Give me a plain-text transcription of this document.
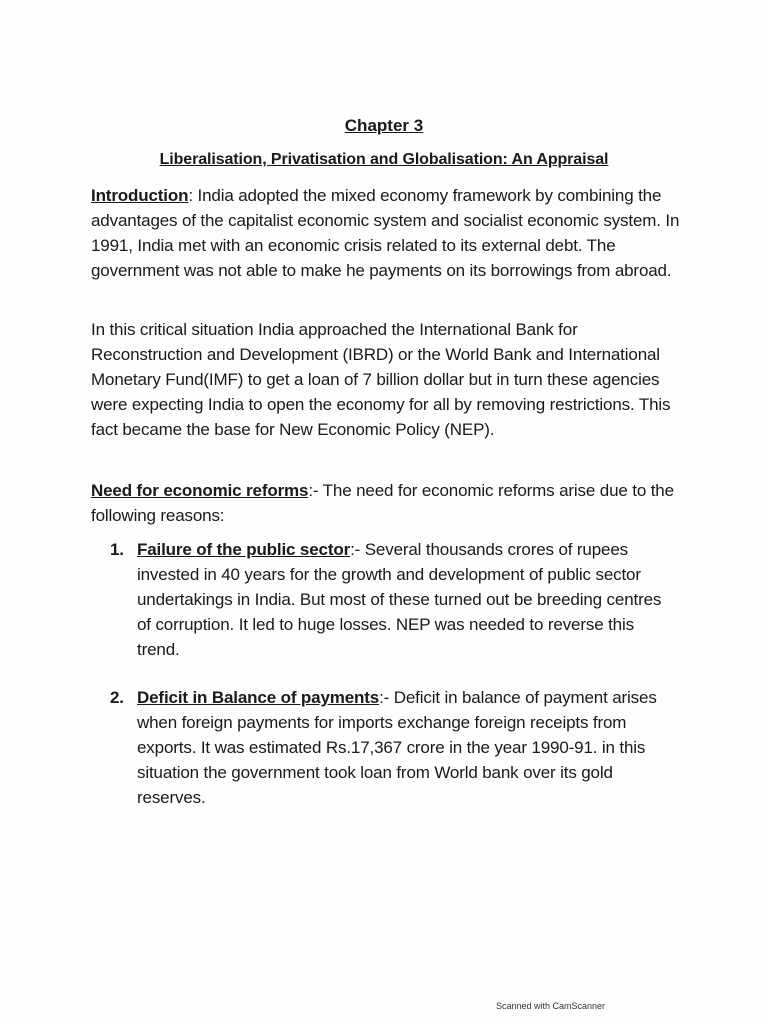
Chapter 3
Liberalisation, Privatisation and Globalisation: An Appraisal
Introduction: India adopted the mixed economy framework by combining the advantages of the capitalist economic system and socialist economic system. In 1991, India met with an economic crisis related to its external debt. The government was not able to make he payments on its borrowings from abroad.
In this critical situation India approached the International Bank for Reconstruction and Development (IBRD) or the World Bank and International Monetary Fund(IMF) to get a loan of 7 billion dollar but in turn these agencies were expecting India to open the economy for all by removing restrictions. This fact became the base for New Economic Policy (NEP).
Need for economic reforms:- The need for economic reforms arise due to the following reasons:
1. Failure of the public sector:- Several thousands crores of rupees invested in 40 years for the growth and development of public sector undertakings in India. But most of these turned out be breeding centres of corruption. It led to huge losses. NEP was needed to reverse this trend.
2. Deficit in Balance of payments:- Deficit in balance of payment arises when foreign payments for imports exchange foreign receipts from exports. It was estimated Rs.17,367 crore in the year 1990-91. in this situation the government took loan from World bank over its gold reserves.
Scanned with CamScanner
